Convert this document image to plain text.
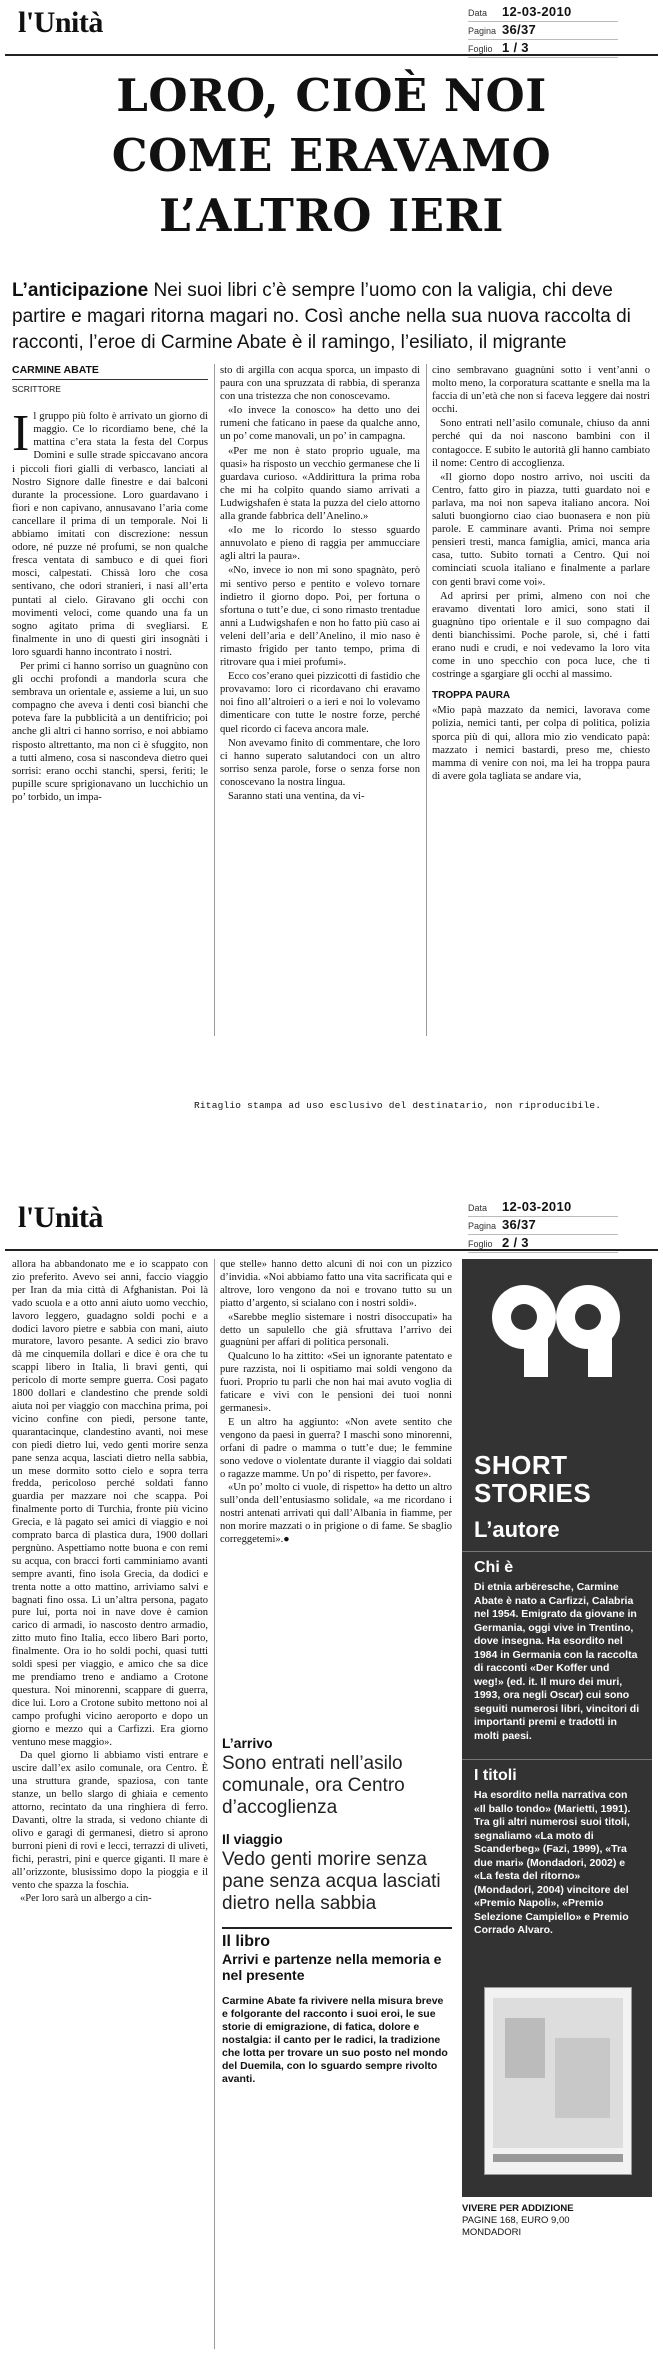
l'Unità	Data	12-03-2010
Pagina 36/37
Foglio 1 / 3
LORO, CIOÈ NOI
COME ERAVAMO
L’ALTRO IERI
L’anticipazione Nei suoi libri c’è sempre l’uomo con la valigia, chi deve partire e magari ritorna magari no. Così anche nella sua nuova raccolta di racconti, l’eroe di Carmine Abate è il ramingo, l’esiliato, il migrante
CARMINE ABATE
SCRITTORE

Il gruppo più folto è arrivato un giorno di maggio. Ce lo ricordiamo bene, ché la mattina c’era stata la festa del Corpus Domini e sulle strade spiccavano ancora i piccoli fiori gialli di verbasco, lanciati al Nostro Signore dalle finestre e dai balconi durante la processione. Loro guardavano i fiori e non capivano, annusavano l’aria come cancellare il prima di un temporale. Noi li abbiamo imitati con discrezione: nessun odore, né puzze né profumi, se non qualche fresca ventata di sambuco e di quei fiori mosci, calpestati. Chissà loro che cosa sentivano, che odori stranieri, i nasi all’erta puntati al cielo. Giravano gli occhi con movimenti veloci, come quando una fa un sogno agitato prima di svegliarsi. E finalmente in uno di questi giri insognàti i loro sguardi hanno incontrato i nostri.

Per primi ci hanno sorriso un guagnùno con gli occhi profondi a mandorla scura che sembrava un orientale e, assieme a lui, un suo compagno che aveva i denti così bianchi che poteva fare la pubblicità a un dentifricio; poi anche gli altri ci hanno sorriso, e noi abbiamo risposto altrettanto, ma non ci è sfuggito, non a tutti almeno, cosa si nascondeva dietro quei sorrisi: erano occhi stanchi, spersi, feriti; le pupille scure sprigionavano un lucchichio un po’ torbido, un impa-

sto di argilla con acqua sporca, un impasto di paura con una spruzzata di rabbia, di speranza con una tristezza che non conoscevamo.

«Io invece la conosco» ha detto uno dei rumeni che faticano in paese da qualche anno, un po’ come manovali, un po’ in campagna.

«Per me non è stato proprio uguale, ma quasi» ha risposto un vecchio germanese che li guardava curioso. «Addirittura la prima roba che mi ha colpito quando siamo arrivati a Ludwigshafen è stata la puzza del cielo attorno alla grande fabbrica dell’Anelino.»

«Io me lo ricordo lo stesso sguardo annuvolato e pieno di raggia per ammucciare agli altri la paura».

«No, invece io non mi sono spagnàto, però mi sentivo perso e pentito e volevo tornare indietro il giorno dopo. Poi, per fortuna o sfortuna o tutt’e due, ci sono rimasto trentadue anni a Ludwigshafen e non ho fatto più caso ai veleni dell’aria e dell’Anelino, il mio naso è rimasto frigido per tanto tempo, prima di ritrovare qua i miei profumi».

Ecco cos’erano quei pizzicotti di fastidio che provavamo: loro ci ricordavano chi eravamo noi fino all’altroieri o a ieri e noi lo volevamo dimenticare con tutte le nostre forze, perché quel ricordo ci faceva ancora male.

Non avevamo finito di commentare, che loro ci hanno superato salutandoci con un altro sorriso senza parole, forse o senza forse non conoscevano la nostra lingua.

Saranno stati una ventina, da vi-

cino sembravano guagnùni sotto i vent’anni o molto meno, la corporatura scattante e snella ma la faccia di un’età che non si faceva leggere dai nostri occhi.

Sono entrati nell’asilo comunale, chiuso da anni perché qui da noi nascono bambini con il contagocce. E subito le autorità gli hanno cambiato il nome: Centro di accoglienza.

«Il giorno dopo nostro arrivo, noi usciti da Centro, fatto giro in piazza, tutti guardato noi e parlava, ma noi non sapeva italiano ancora. Noi saluti buongiorno ciao ciao buonasera e non più parole. E camminare avanti. Prima noi sempre pensieri tresti, manca famiglia, amici, manca aria casa, tutto. Subito tornati a Centro. Qui noi cominciati scuola italiano e finalmente a parlare con genti bravi come voi».

Ad aprirsi per primi, almeno con noi che eravamo diventati loro amici, sono stati il guagnùno tipo orientale e il suo compagno dai denti bianchissimi. Poche parole, sì, ché i fatti erano nudi e crudi, e noi vedevamo la loro vita come in uno specchio con poca luce, che ti costringe a sgargiare gli occhi al massimo.

TROPPA PAURA

«Mio papà mazzato da nemici, lavorava come polizia, nemici tanti, per colpa di politica, polizia sporca più di qui, allora mio zio vendicato papà: mazzato i nemici bastardi, preso me, chiesto mamma di venire con noi, ma lei ha troppa paura di avere gola tagliata se andare via,

Ritaglio stampa ad uso esclusivo del destinatario, non riproducibile.
l'Unità	Data	12-03-2010
Pagina 36/37
Foglio 2 / 3

allora ha abbandonato me e io scappato con zio preferito. Avevo sei anni, faccio viaggio per Iran da mia città di Afghanistan. Poi là vado scuola e a otto anni aiuto uomo vecchio, lavoro leggero, guadagno soldi pochi e a dodici lavoro pietre e sabbia con mani, aiuto muratore, lavoro pesante. A sedici zio bravo dà me cinquemila dollari e dice è ora che tu scappi libero in Italia, lì bravi genti, qui pericolo di morte sempre guerra. Così pagato 1800 dollari e clandestino che prende soldi aiuta noi per viaggio con macchina prima, poi vicino confine con piedi, persone tante, quarantacinque, clandestino avanti, noi mese con piedi dietro lui, vedo genti morire senza pane senza acqua, lasciati dietro nella sabbia, un mese dormito sotto cielo e sopra terra fredda, pericoloso perché soldati fanno guardia per mazzare noi che scappa. Poi finalmente porto di Turchia, fronte più vicino Grecia, e là pagato sei amici di viaggio e noi comprato barca di plastica dura, 1900 dollari pergnùno. Aspettiamo notte buona e con remi su acqua, con bracci forti camminiamo avanti sempre avanti, fino isola Grecia, da dodici e trenta notte a otto mattino, arriviamo salvi e bagnati fino ossa. Lì un’altra persona, pagato pure lui, porta noi in nave dove è camion carico di armadi, io nascosto dentro armadio, zitto muto fino Italia, ecco libero Bari porto, finalmente. Ora io ho soldi pochi, quasi tutti soldi spesi per viaggio, e amico che sa dice me prendiamo treno e andiamo a Crotone questura. Noi minorenni, scappare di guerra, dice lui. Loro a Crotone subito mettono noi al campo profughi vicino aeroporto e dopo un giorno e mezzo qui a Carfizzi. Era giorno ventuno mese maggio».

Da quel giorno li abbiamo visti entrare e uscire dall’ex asilo comunale, ora Centro. È una struttura grande, spaziosa, con tante stanze, un bello slargo di ghiaia e cemento attorno, recintato da una ringhiera di ferro. Davanti, oltre la strada, si vedono chiante di olivo e garagi di germanesi, dietro si aprono burroni pieni di rovi e lecci, terrazzi di uliveti, fichi, perastri, pini e querce giganti. Il mare è all’orizzonte, blusissimo dopo la pioggia e il vento che spazza la foschia.

«Per loro sarà un albergo a cin-

que stelle» hanno detto alcuni di noi con un pizzico d’invidia. «Noi abbiamo fatto una vita sacrificata qui e altrove, loro vengono da noi e trovano tutto su un piatto d’argento, si scialano con i nostri soldi».

«Sarebbe meglio sistemare i nostri disoccupati» ha detto un sapulello che già sfruttava l’arrivo dei guagnùni per affari di politica personali.

Qualcuno lo ha zittito: «Sei un ignorante patentato e pure razzista, noi li ospitiamo mai soldi vengono da fuori. Proprio tu parli che non hai mai avuto voglia di faticare e vivi con le pensioni dei tuoi nonni germanesi».

E un altro ha aggiunto: «Non avete sentito che vengono da paesi in guerra? I maschi sono minorenni, orfani di padre o mamma o tutt’e due; le femmine sono vedove o violentate durante il viaggio dai soldati o ragazze mamme. Un po’ di rispetto, per favore».

«Un po’ molto ci vuole, di rispetto» ha detto un altro sull’onda dell’entusiasmo solidale, «a me ricordano i nostri antenati arrivati qui dall’Albania in fiamme, per non morire mazzati o in prigione o di fame. Se sbaglio correggetemi».●

L’arrivo
Sono entrati nell’asilo comunale, ora Centro d’accoglienza
Il viaggio
Vedo genti morire senza pane senza acqua lasciati dietro nella sabbia
Il libro
Arrivi e partenze nella memoria e nel presente
Carmine Abate fa rivivere nella misura breve e folgorante del racconto i suoi eroi, le sue storie di emigrazione, di fatica, dolore e nostalgia: il canto per le radici, la tradizione che lotta per trovare un suo posto nel mondo del Duemila, con lo sguardo sempre rivolto avanti.
SHORT
STORIES
L’autore
Chi è
Di etnia arbëresche, Carmine Abate è nato a Carfizzi, Calabria nel 1954. Emigrato da giovane in Germania, oggi vive in Trentino, dove insegna. Ha esordito nel 1984 in Germania con la raccolta di racconti «Der Koffer und weg!» (ed. it. Il muro dei muri, 1993, ora negli Oscar) cui sono seguiti numerosi libri, vincitori di importanti premi e tradotti in molti paesi.
I titoli
Ha esordito nella narrativa con «Il ballo tondo» (Marietti, 1991). Tra gli altri numerosi suoi titoli, segnaliamo «La moto di Scanderbeg» (Fazi, 1999), «Tra due mari» (Mondadori, 2002) e «La festa del ritorno» (Mondadori, 2004) vincitore del «Premio Napoli», «Premio Selezione Campiello» e Premio Corrado Alvaro.
VIVERE PER ADDIZIONE
PAGINE 168, EURO 9,00
MONDADORI
